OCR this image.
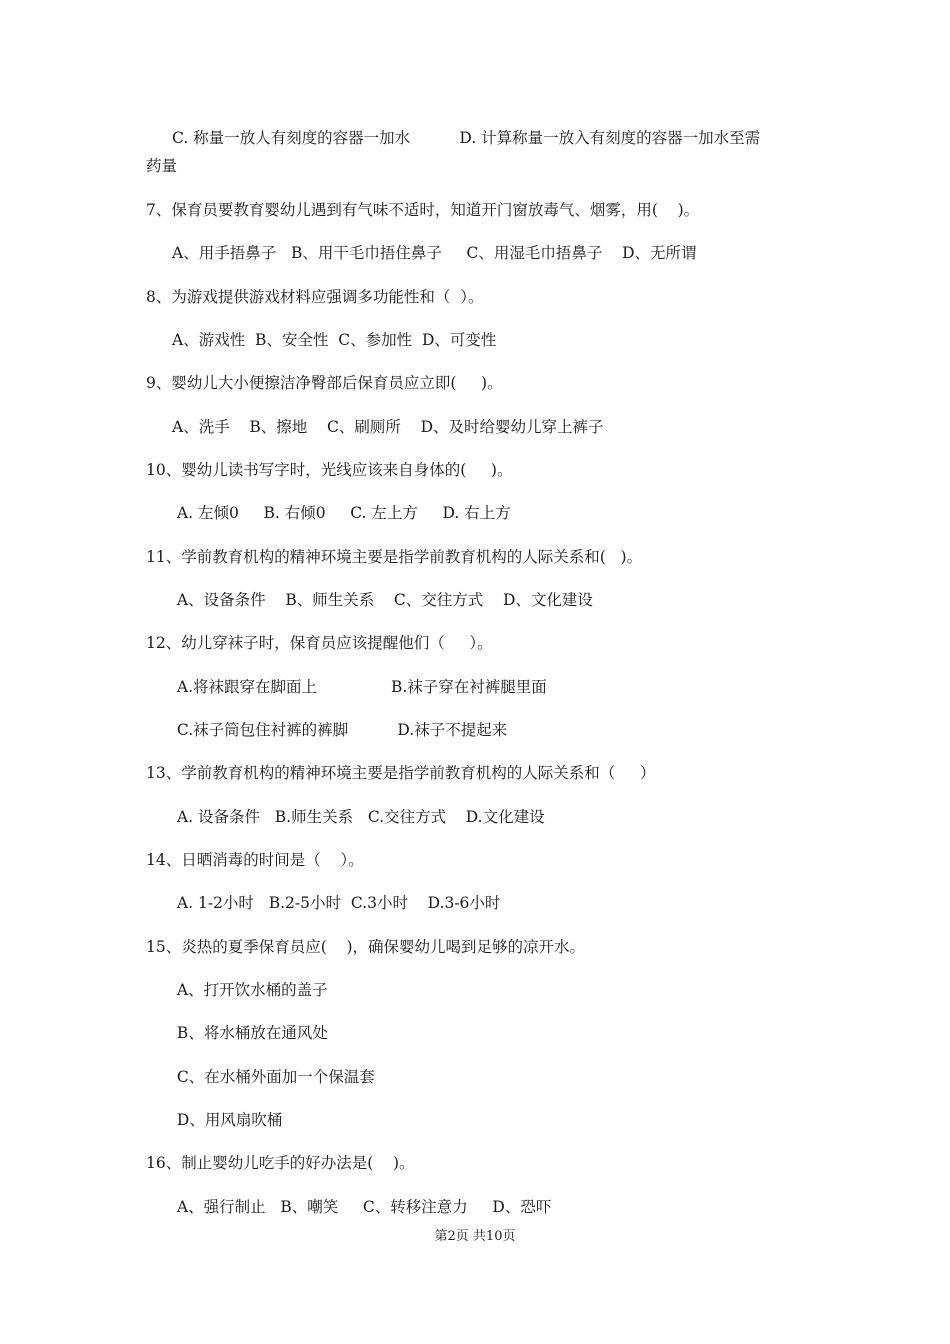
C. 称量一放人有刻度的容器一加水          D. 计算称量一放入有刻度的容器一加水至需
药量
7、保育员要教育婴幼儿遇到有气味不适时，知道开门窗放毒气、烟雾，用(    )。
A、用手捂鼻子   B、用干毛巾捂住鼻子     C、用湿毛巾捂鼻子    D、无所谓
8、为游戏提供游戏材料应强调多功能性和（  ）。
A、游戏性  B、安全性  C、参加性  D、可变性
9、婴幼儿大小便擦洁净臀部后保育员应立即(     )。
A、洗手    B、擦地    C、刷厕所    D、及时给婴幼儿穿上裤子
10、婴幼儿读书写字时，光线应该来自身体的(     )。
A. 左倾0     B. 右倾0     C. 左上方     D. 右上方
11、学前教育机构的精神环境主要是指学前教育机构的人际关系和(   )。
A、设备条件    B、师生关系    C、交往方式    D、文化建设
12、幼儿穿袜子时，保育员应该提醒他们（     ）。
A.将袜跟穿在脚面上               B.袜子穿在衬裤腿里面
C.袜子筒包住衬裤的裤脚          D.袜子不提起来
13、学前教育机构的精神环境主要是指学前教育机构的人际关系和（     ）
A. 设备条件   B.师生关系   C.交往方式    D.文化建设
14、日晒消毒的时间是（    ）。
A. 1-2小时   B.2-5小时  C.3小时    D.3-6小时
15、炎热的夏季保育员应(    )，确保婴幼儿喝到足够的凉开水。
A、打开饮水桶的盖子
B、将水桶放在通风处
C、在水桶外面加一个保温套
D、用风扇吹桶
16、制止婴幼儿吃手的好办法是(    )。
A、强行制止   B、嘲笑     C、转移注意力     D、恐吓
第2页 共10页
